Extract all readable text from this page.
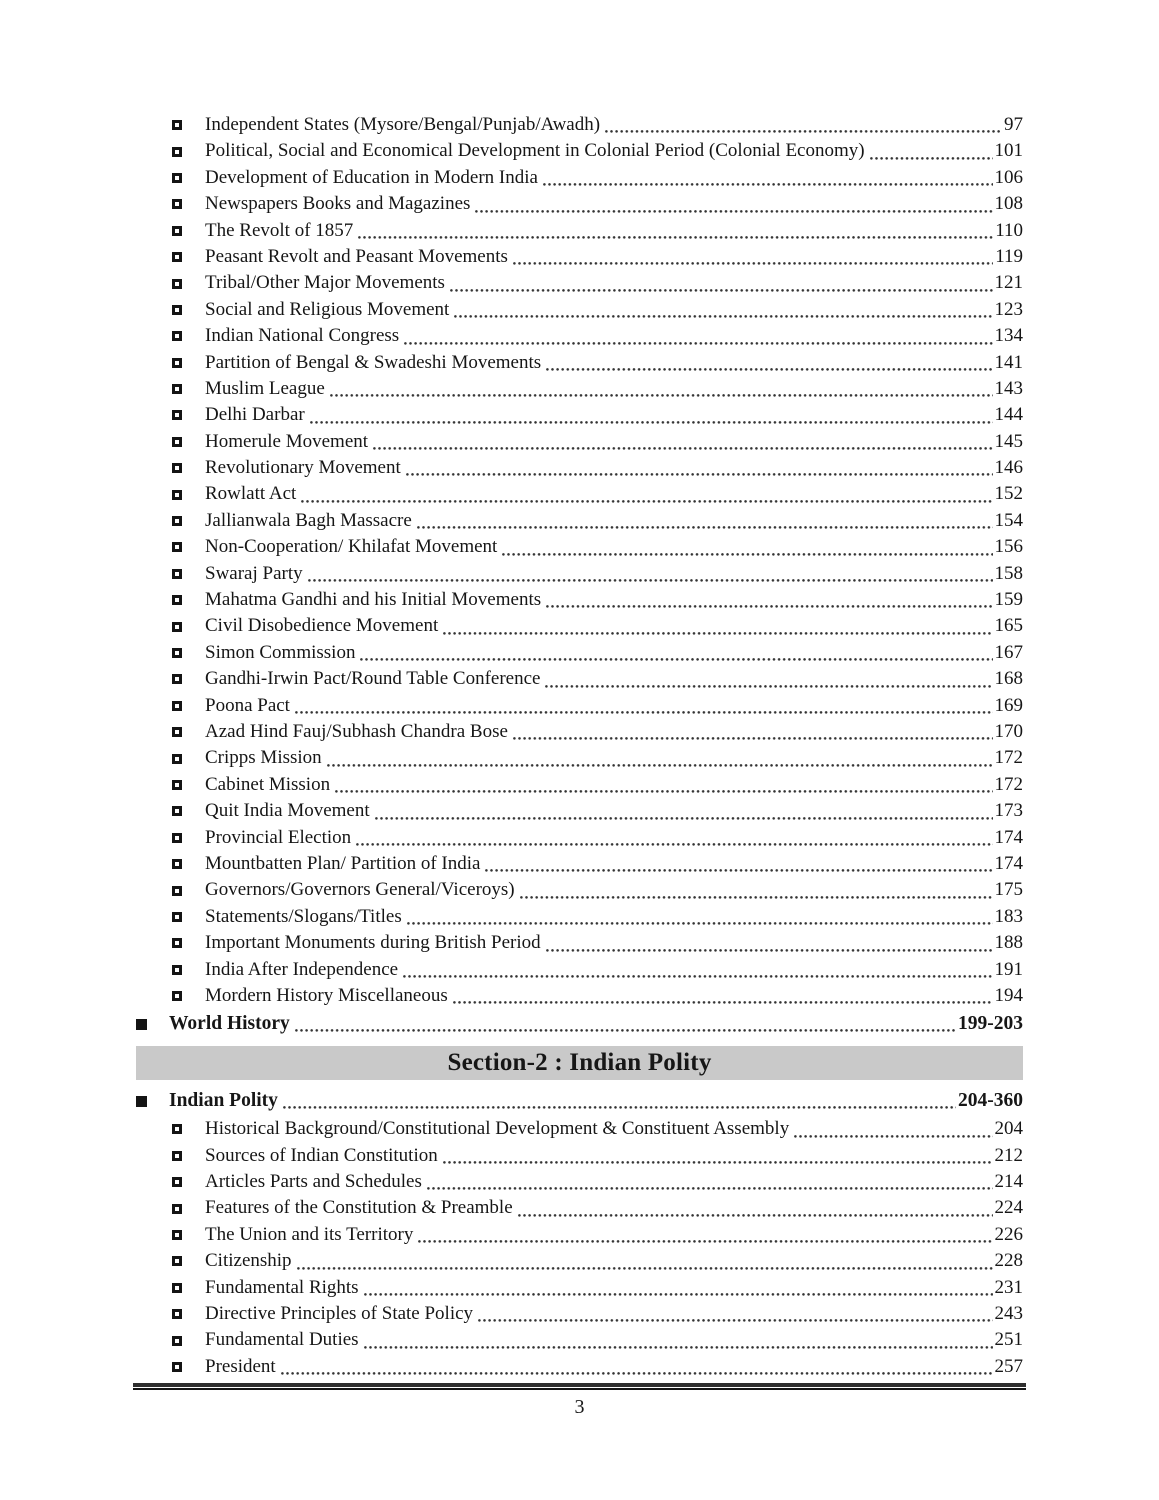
Independent States (Mysore/Bengal/Punjab/Awadh)	97
Political, Social and Economical Development in Colonial Period (Colonial Economy)	101
Development of Education in Modern India	106
Newspapers Books and Magazines	108
The Revolt of 1857	110
Peasant Revolt and Peasant Movements	119
Tribal/Other Major Movements	121
Social and Religious Movement	123
Indian National Congress	134
Partition of Bengal & Swadeshi Movements	141
Muslim League	143
Delhi Darbar	144
Homerule Movement	145
Revolutionary Movement	146
Rowlatt Act	152
Jallianwala Bagh Massacre	154
Non-Cooperation/ Khilafat Movement	156
Swaraj Party	158
Mahatma Gandhi and his Initial Movements	159
Civil Disobedience Movement	165
Simon Commission	167
Gandhi-Irwin Pact/Round Table Conference	168
Poona Pact	169
Azad Hind Fauj/Subhash Chandra Bose	170
Cripps Mission	172
Cabinet Mission	172
Quit India Movement	173
Provincial Election	174
Mountbatten Plan/ Partition of India	174
Governors/Governors General/Viceroys)	175
Statements/Slogans/Titles	183
Important Monuments during British Period	188
India After Independence	191
Mordern History Miscellaneous	194
World History	199-203
Section-2 : Indian Polity
Indian Polity	204-360
Historical Background/Constitutional Development & Constituent Assembly	204
Sources of Indian Constitution	212
Articles Parts and Schedules	214
Features of the Constitution & Preamble	224
The Union and its Territory	226
Citizenship	228
Fundamental Rights	231
Directive Principles of State Policy	243
Fundamental Duties	251
President	257
3
